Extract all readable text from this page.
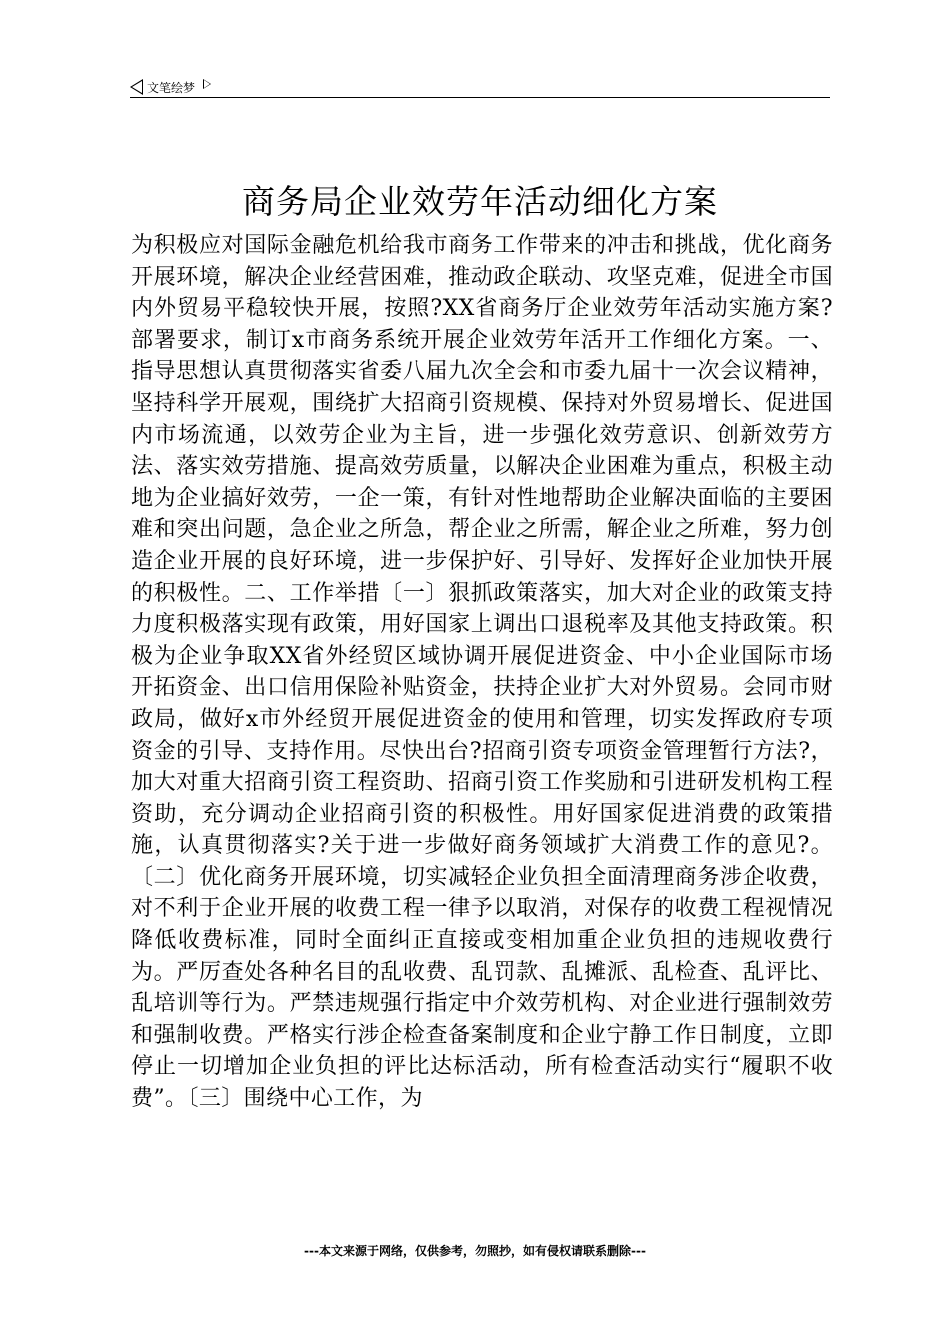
文笔绘梦
商务局企业效劳年活动细化方案

为积极应对国际金融危机给我市商务工作带来的冲击和挑战，优化商务开展环境，解决企业经营困难，推动政企联动、攻坚克难，促进全市国内外贸易平稳较快开展，按照?XX省商务厅企业效劳年活动实施方案?部署要求，制订x市商务系统开展企业效劳年活开工作细化方案。一、指导思想认真贯彻落实省委八届九次全会和市委九届十一次会议精神，坚持科学开展观，围绕扩大招商引资规模、保持对外贸易增长、促进国内市场流通，以效劳企业为主旨，进一步强化效劳意识、创新效劳方法、落实效劳措施、提高效劳质量，以解决企业困难为重点，积极主动地为企业搞好效劳，一企一策，有针对性地帮助企业解决面临的主要困难和突出问题，急企业之所急，帮企业之所需，解企业之所难，努力创造企业开展的良好环境，进一步保护好、引导好、发挥好企业加快开展的积极性。二、工作举措〔一〕狠抓政策落实，加大对企业的政策支持力度积极落实现有政策，用好国家上调出口退税率及其他支持政策。积极为企业争取XX省外经贸区域协调开展促进资金、中小企业国际市场开拓资金、出口信用保险补贴资金，扶持企业扩大对外贸易。会同市财政局，做好x市外经贸开展促进资金的使用和管理，切实发挥政府专项资金的引导、支持作用。尽快出台?招商引资专项资金管理暂行方法?，加大对重大招商引资工程资助、招商引资工作奖励和引进研发机构工程资助，充分调动企业招商引资的积极性。用好国家促进消费的政策措施，认真贯彻落实?关于进一步做好商务领域扩大消费工作的意见?。〔二〕优化商务开展环境，切实减轻企业负担全面清理商务涉企收费，对不利于企业开展的收费工程一律予以取消，对保存的收费工程视情况降低收费标准，同时全面纠正直接或变相加重企业负担的违规收费行为。严厉查处各种名目的乱收费、乱罚款、乱摊派、乱检查、乱评比、乱培训等行为。严禁违规强行指定中介效劳机构、对企业进行强制效劳和强制收费。严格实行涉企检查备案制度和企业宁静工作日制度，立即停止一切增加企业负担的评比达标活动，所有检查活动实行“履职不收费”。〔三〕围绕中心工作，为

---本文来源于网络，仅供参考，勿照抄，如有侵权请联系删除---
